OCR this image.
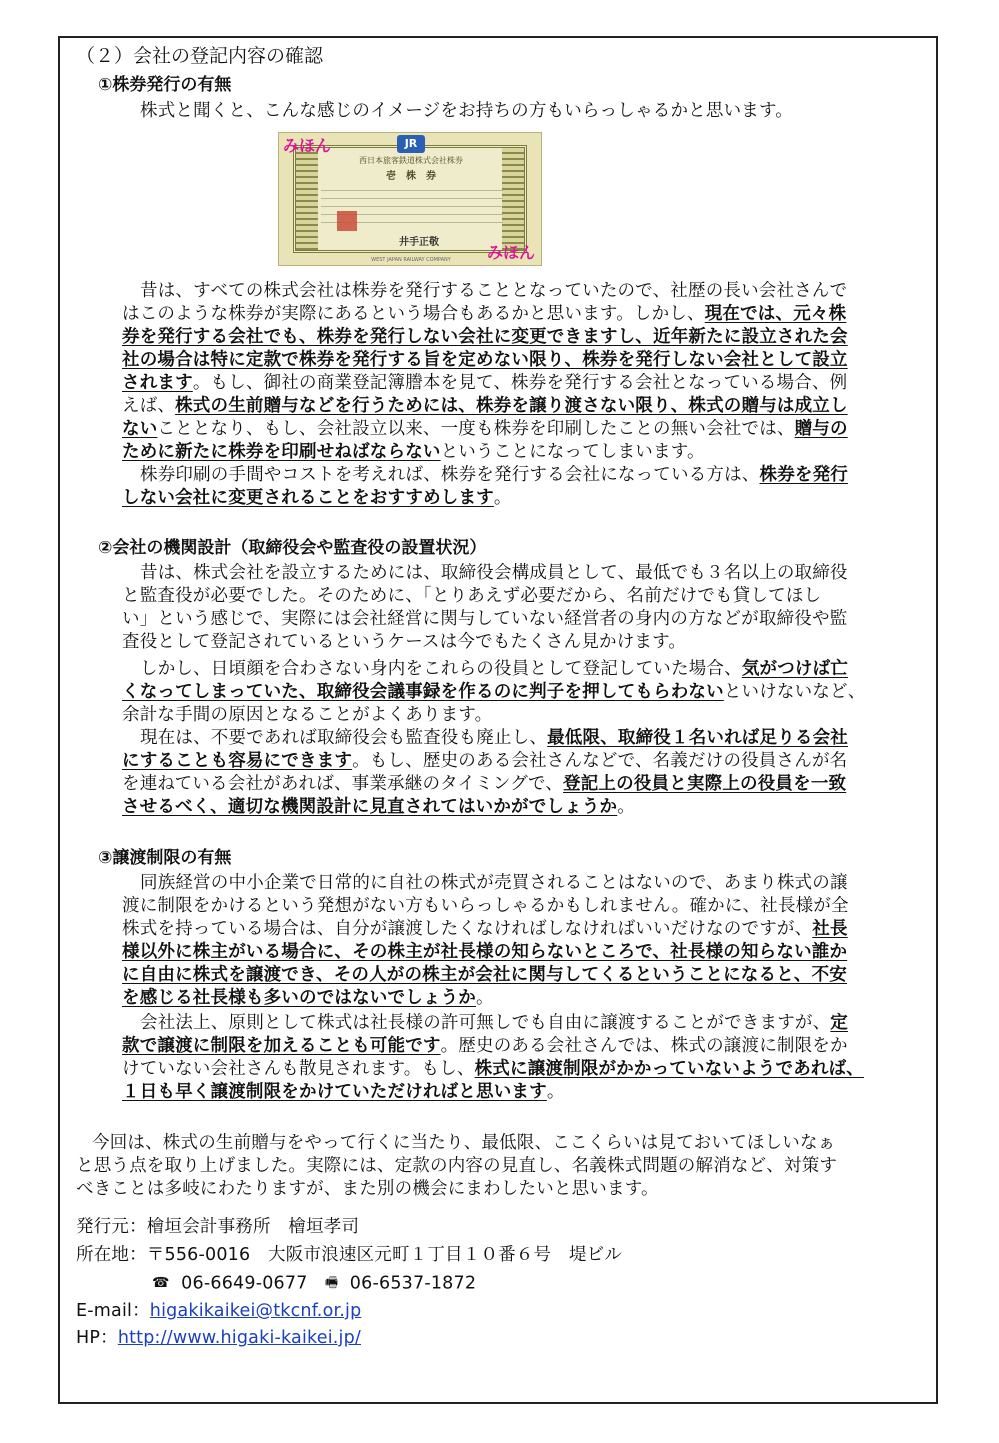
（２）会社の登記内容の確認
①株券発行の有無
株式と聞くと、こんな感じのイメージをお持ちの方もいらっしゃるかと思います。
JR
みほん
みほん
西日本旅客鉄道株式会社株券
壱　株　券
井手正敬
WEST JAPAN RAILWAY COMPANY
昔は、すべての株式会社は株券を発行することとなっていたので、社歴の長い会社さんで
はこのような株券が実際にあるという場合もあるかと思います。しかし、現在では、元々株
券を発行する会社でも、株券を発行しない会社に変更できますし、近年新たに設立された会
社の場合は特に定款で株券を発行する旨を定めない限り、株券を発行しない会社として設立
されます。もし、御社の商業登記簿謄本を見て、株券を発行する会社となっている場合、例
えば、株式の生前贈与などを行うためには、株券を譲り渡さない限り、株式の贈与は成立し
ないこととなり、もし、会社設立以来、一度も株券を印刷したことの無い会社では、贈与の
ために新たに株券を印刷せねばならないということになってしまいます。
株券印刷の手間やコストを考えれば、株券を発行する会社になっている方は、株券を発行
しない会社に変更されることをおすすめします。
②会社の機関設計（取締役会や監査役の設置状況）
昔は、株式会社を設立するためには、取締役会構成員として、最低でも３名以上の取締役
と監査役が必要でした。そのために、「とりあえず必要だから、名前だけでも貸してほし
い」という感じで、実際には会社経営に関与していない経営者の身内の方などが取締役や監
査役として登記されているというケースは今でもたくさん見かけます。
しかし、日頃顔を合わさない身内をこれらの役員として登記していた場合、気がつけば亡
くなってしまっていた、取締役会議事録を作るのに判子を押してもらわないといけないなど、
余計な手間の原因となることがよくあります。
現在は、不要であれば取締役会も監査役も廃止し、最低限、取締役１名いれば足りる会社
にすることも容易にできます。もし、歴史のある会社さんなどで、名義だけの役員さんが名
を連ねている会社があれば、事業承継のタイミングで、登記上の役員と実際上の役員を一致
させるべく、適切な機関設計に見直されてはいかがでしょうか。
③譲渡制限の有無
同族経営の中小企業で日常的に自社の株式が売買されることはないので、あまり株式の譲
渡に制限をかけるという発想がない方もいらっしゃるかもしれません。確かに、社長様が全
株式を持っている場合は、自分が譲渡したくなければしなければいいだけなのですが、社長
様以外に株主がいる場合に、その株主が社長様の知らないところで、社長様の知らない誰か
に自由に株式を譲渡でき、その人がの株主が会社に関与してくるということになると、不安
を感じる社長様も多いのではないでしょうか。
会社法上、原則として株式は社長様の許可無しでも自由に譲渡することができますが、定
款で譲渡に制限を加えることも可能です。歴史のある会社さんでは、株式の譲渡に制限をか
けていない会社さんも散見されます。もし、株式に譲渡制限がかかっていないようであれば、
１日も早く譲渡制限をかけていただければと思います。
今回は、株式の生前贈与をやって行くに当たり、最低限、ここくらいは見ておいてほしいなぁ
と思う点を取り上げました。実際には、定款の内容の見直し、名義株式問題の解消など、対策す
べきことは多岐にわたりますが、また別の機会にまわしたいと思います。
発行元：檜垣会計事務所　檜垣孝司
所在地：〒556-0016　大阪市浪速区元町１丁目１０番６号　堤ビル
☎ 06-6649-0677 🖷 06-6537-1872
E-mail：higakikaikei@tkcnf.or.jp
HP：http://www.higaki-kaikei.jp/
